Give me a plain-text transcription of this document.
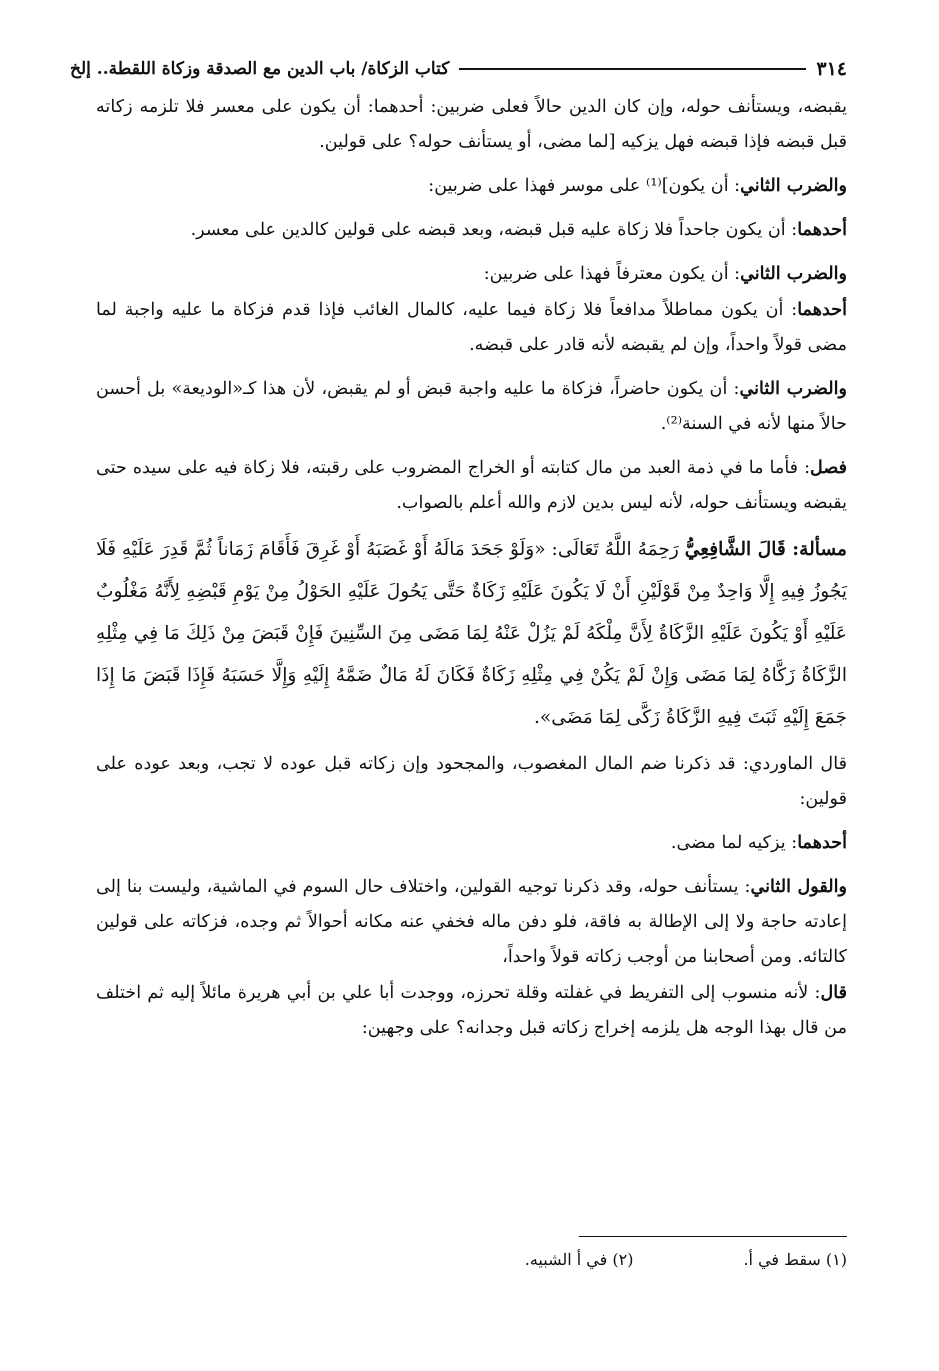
٣١٤
كتاب الزكاة/ باب الدين مع الصدقة وزكاة اللقطة.. إلخ

يقبضه، ويستأنف حوله، وإن كان الدين حالاً فعلى ضربين: أحدهما: أن يكون على معسر فلا تلزمه زكاته قبل قبضه فإذا قبضه فهل يزكيه [لما مضى، أو يستأنف حوله؟ على قولين.

والضرب الثاني: أن يكون]⁽¹⁾ على موسر فهذا على ضربين:

أحدهما: أن يكون جاحداً فلا زكاة عليه قبل قبضه، وبعد قبضه على قولين كالدين على معسر.

والضرب الثاني: أن يكون معترفاً فهذا على ضربين:

أحدهما: أن يكون مماطلاً مدافعاً فلا زكاة فيما عليه، كالمال الغائب فإذا قدم فزكاة ما عليه واجبة لما مضى قولاً واحداً، وإن لم يقبضه لأنه قادر على قبضه.

والضرب الثاني: أن يكون حاضراً، فزكاة ما عليه واجبة قبض أو لم يقبض، لأن هذا كـ«الوديعة» بل أحسن حالاً منها لأنه في السنة⁽²⁾.

فصل: فأما ما في ذمة العبد من مال كتابته أو الخراج المضروب على رقبته، فلا زكاة فيه على سيده حتى يقبضه ويستأنف حوله، لأنه ليس بدين لازم والله أعلم بالصواب.

مسألة: قَالَ الشَّافِعِيُّ رَحِمَهُ اللَّهُ تَعَالَى: «وَلَوْ جَحَدَ مَالَهُ أَوْ غَصَبَهُ أَوْ غَرِقَ فَأَقَامَ زَمَاناً ثُمَّ قَدِرَ عَلَيْهِ فَلَا يَجُوزُ فِيهِ إِلَّا وَاحِدٌ مِنْ قَوْلَيْنِ أَنْ لَا يَكُونَ عَلَيْهِ زَكَاةٌ حَتَّى يَحُولَ عَلَيْهِ الحَوْلُ مِنْ يَوْمِ قَبْضِهِ لِأَنَّهُ مَغْلُوبٌ عَلَيْهِ أَوْ يَكُونَ عَلَيْهِ الزَّكَاةُ لِأَنَّ مِلْكَهُ لَمْ يَزُلْ عَنْهُ لِمَا مَضَى مِنَ السِّنِينَ فَإِنْ قَبَضَ مِنْ ذَلِكَ مَا فِي مِثْلِهِ الزَّكَاةُ زَكَّاهُ لِمَا مَضَى وَإِنْ لَمْ يَكُنْ فِي مِثْلِهِ زَكَاةٌ فَكَانَ لَهُ مَالٌ ضَمَّهُ إِلَيْهِ وَإِلَّا حَسَبَهُ فَإِذَا قَبَضَ مَا إِذَا جَمَعَ إِلَيْهِ ثَبَتَ فِيهِ الزَّكَاةُ زَكَّى لِمَا مَضَى».

قال الماوردي: قد ذكرنا ضم المال المغصوب، والمجحود وإن زكاته قبل عوده لا تجب، وبعد عوده على قولين:

أحدهما: يزكيه لما مضى.

والقول الثاني: يستأنف حوله، وقد ذكرنا توجيه القولين، واختلاف حال السوم في الماشية، وليست بنا إلى إعادته حاجة ولا إلى الإطالة به فاقة، فلو دفن ماله فخفي عنه مكانه أحوالاً ثم وجده، فزكاته على قولين كالتائه. ومن أصحابنا من أوجب زكاته قولاً واحداً،

قال: لأنه منسوب إلى التفريط في غفلته وقلة تحرزه، ووجدت أبا علي بن أبي هريرة مائلاً إليه ثم اختلف من قال بهذا الوجه هل يلزمه إخراج زكاته قبل وجدانه؟ على وجهين:

(١) سقط في أ.
(٢) في أ الشبيه.
